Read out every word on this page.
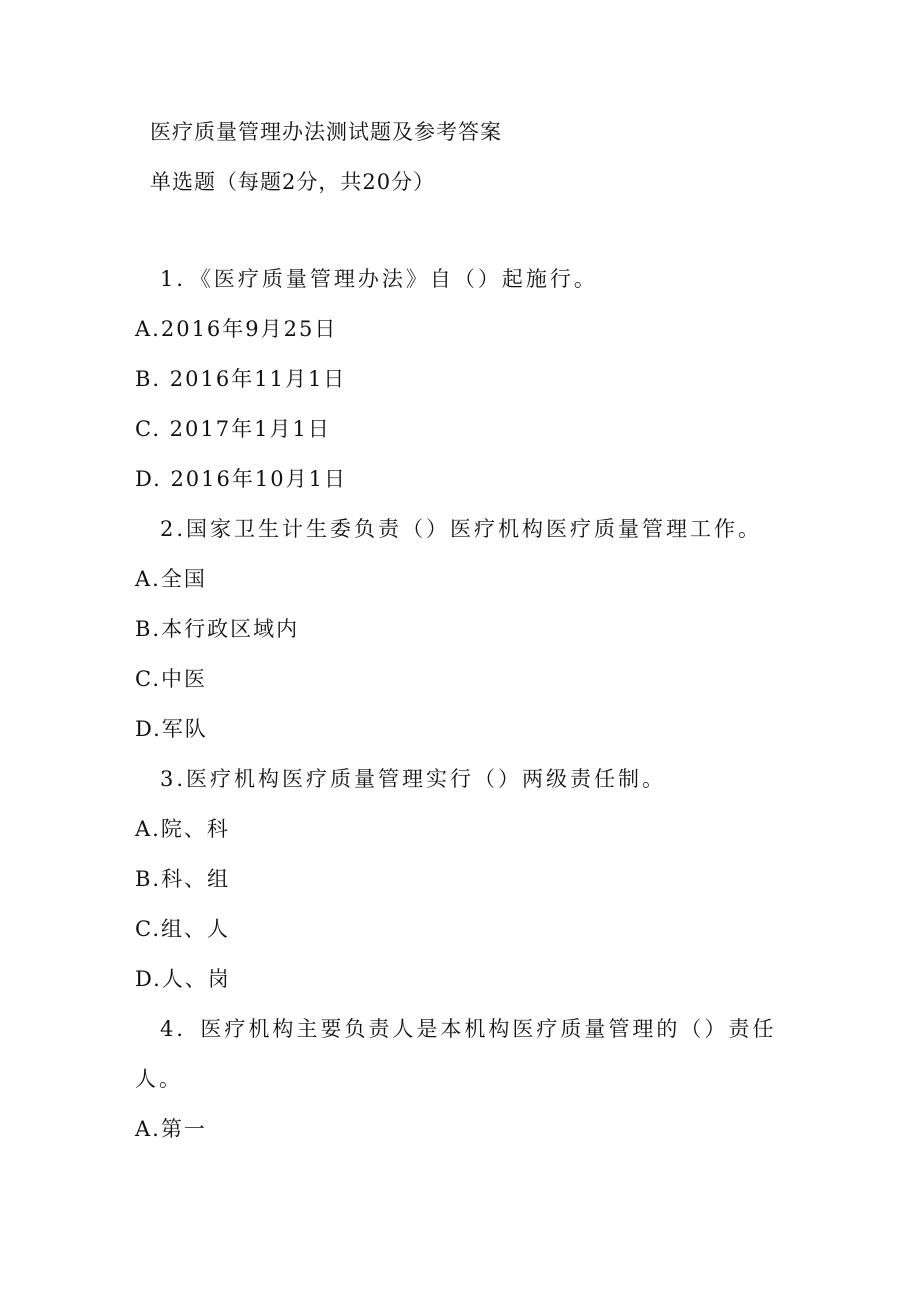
医疗质量管理办法测试题及参考答案
单选题（每题2分，共20分）
1．《医疗质量管理办法》自（）起施行。
A.2016年9月25日
B. 2016年11月1日
C. 2017年1月1日
D. 2016年10月1日
2.国家卫生计生委负责（）医疗机构医疗质量管理工作。
A.全国
B.本行政区域内
C.中医
D.军队
3.医疗机构医疗质量管理实行（）两级责任制。
A.院、科
B.科、组
C.组、人
D.人、岗
4．医疗机构主要负责人是本机构医疗质量管理的（）责任
人。
A.第一
